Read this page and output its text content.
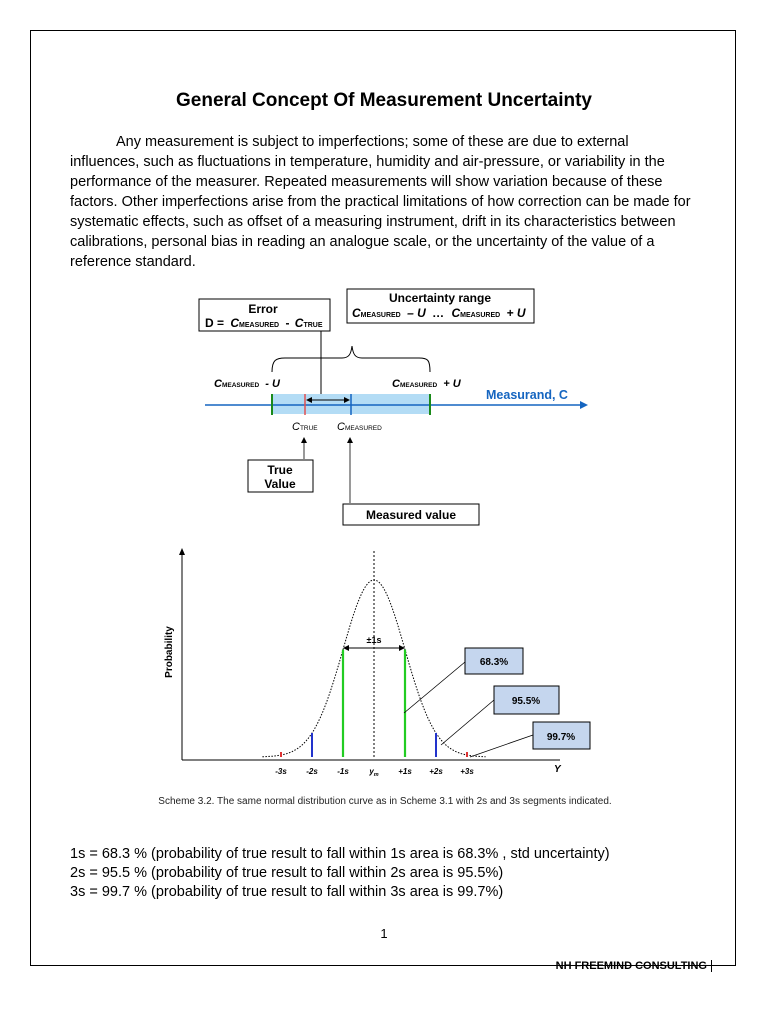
General Concept Of Measurement Uncertainty

Any measurement is subject to imperfections; some of these are due to external influences, such as fluctuations in temperature, humidity and air-pressure, or variability in the performance of the measurer. Repeated measurements will show variation because of these factors. Other imperfections arise from the practical limitations of how correction can be made for systematic effects, such as offset of a measuring instrument, drift in its characteristics between calibrations, personal bias in reading an analogue scale, or the uncertainty of the value of a reference standard.

Error
D = CMEASURED - CTRUE
Uncertainty range
CMEASURED – U … CMEASURED + U
Measurand, C
CMEASURED - U	CMEASURED + U
CTRUE CMEASURED
True
Value
Measured value
Probability
Y
-3s -2s -1s	$y_m +1s +2s +3s$
±1s
68.3%
95.5%
99.7%
Scheme 3.2. The same normal distribution curve as in Scheme 3.1 with 2s and 3s segments indicated.
1s = 68.3 % (probability of true result to fall within 1s area is 68.3% , std uncertainty)
2s = 95.5 % (probability of true result to fall within 2s area is 95.5%)
3s = 99.7 % (probability of true result to fall within 3s area is 99.7%)
1
NH FREEMIND CONSULTING
